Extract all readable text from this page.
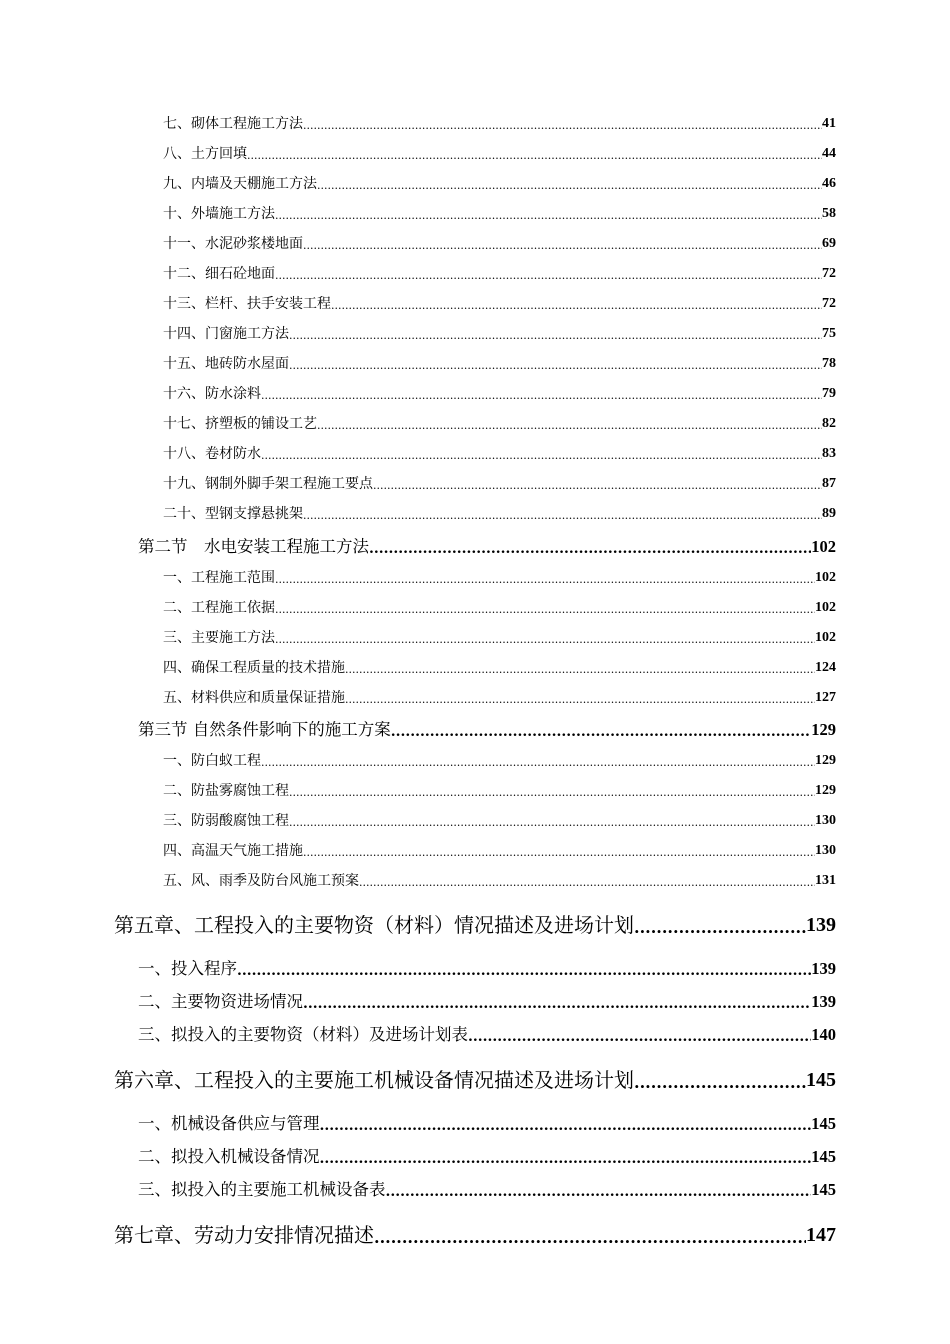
七、砌体工程施工方法 .....	41
八、土方回填 .....	44
九、内墙及天棚施工方法 .....	46
十、外墙施工方法 .....	58
十一、水泥砂浆楼地面 .....	69
十二、细石砼地面 .....	72
十三、栏杆、扶手安装工程 .....	72
十四、门窗施工方法 .....	75
十五、地砖防水屋面 .....	78
十六、防水涂料 .....	79
十七、挤塑板的铺设工艺 .....	82
十八、卷材防水 .....	83
十九、钢制外脚手架工程施工要点 .....	87
二十、型钢支撑悬挑架 .....	89
第二节　水电安装工程施工方法 .....	102
一、工程施工范围 .....	102
二、工程施工依据 .....	102
三、主要施工方法 .....	102
四、确保工程质量的技术措施 .....	124
五、材料供应和质量保证措施 .....	127
第三节 自然条件影响下的施工方案 .....	129
一、防白蚁工程 .....	129
二、防盐雾腐蚀工程 .....	129
三、防弱酸腐蚀工程 .....	130
四、高温天气施工措施 .....	130
五、风、雨季及防台风施工预案 .....	131
第五章、工程投入的主要物资（材料）情况描述及进场计划 .....	139
一、投入程序 .....	139
二、主要物资进场情况 .....	139
三、拟投入的主要物资（材料）及进场计划表 .....	140
第六章、工程投入的主要施工机械设备情况描述及进场计划 .....	145
一、机械设备供应与管理 .....	145
二、拟投入机械设备情况 .....	145
三、拟投入的主要施工机械设备表 .....	145
第七章、劳动力安排情况描述 .....	147
